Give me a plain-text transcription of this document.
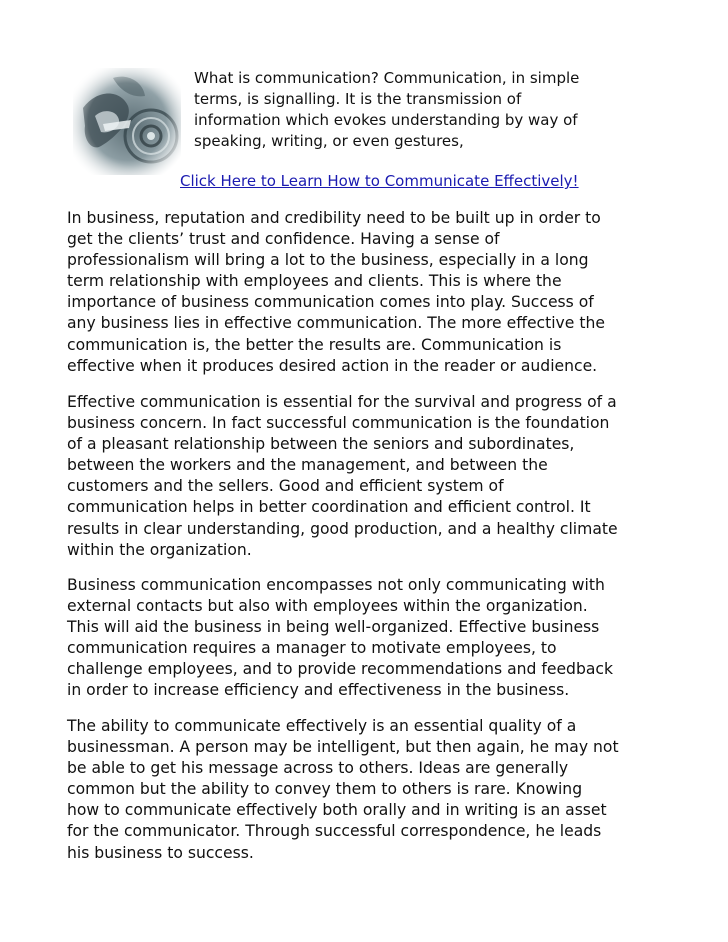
What is communication? Communication, in simple
terms, is signalling. It is the transmission of
information which evokes understanding by way of
speaking, writing, or even gestures,

Click Here to Learn How to Communicate Effectively!

In business, reputation and credibility need to be built up in order to
get the clients’ trust and confidence. Having a sense of
professionalism will bring a lot to the business, especially in a long
term relationship with employees and clients. This is where the
importance of business communication comes into play. Success of
any business lies in effective communication. The more effective the
communication is, the better the results are. Communication is
effective when it produces desired action in the reader or audience.

Effective communication is essential for the survival and progress of a
business concern. In fact successful communication is the foundation
of a pleasant relationship between the seniors and subordinates,
between the workers and the management, and between the
customers and the sellers. Good and efficient system of
communication helps in better coordination and efficient control. It
results in clear understanding, good production, and a healthy climate
within the organization.

Business communication encompasses not only communicating with
external contacts but also with employees within the organization.
This will aid the business in being well-organized. Effective business
communication requires a manager to motivate employees, to
challenge employees, and to provide recommendations and feedback
in order to increase efficiency and effectiveness in the business.

The ability to communicate effectively is an essential quality of a
businessman. A person may be intelligent, but then again, he may not
be able to get his message across to others. Ideas are generally
common but the ability to convey them to others is rare. Knowing
how to communicate effectively both orally and in writing is an asset
for the communicator. Through successful correspondence, he leads
his business to success.
